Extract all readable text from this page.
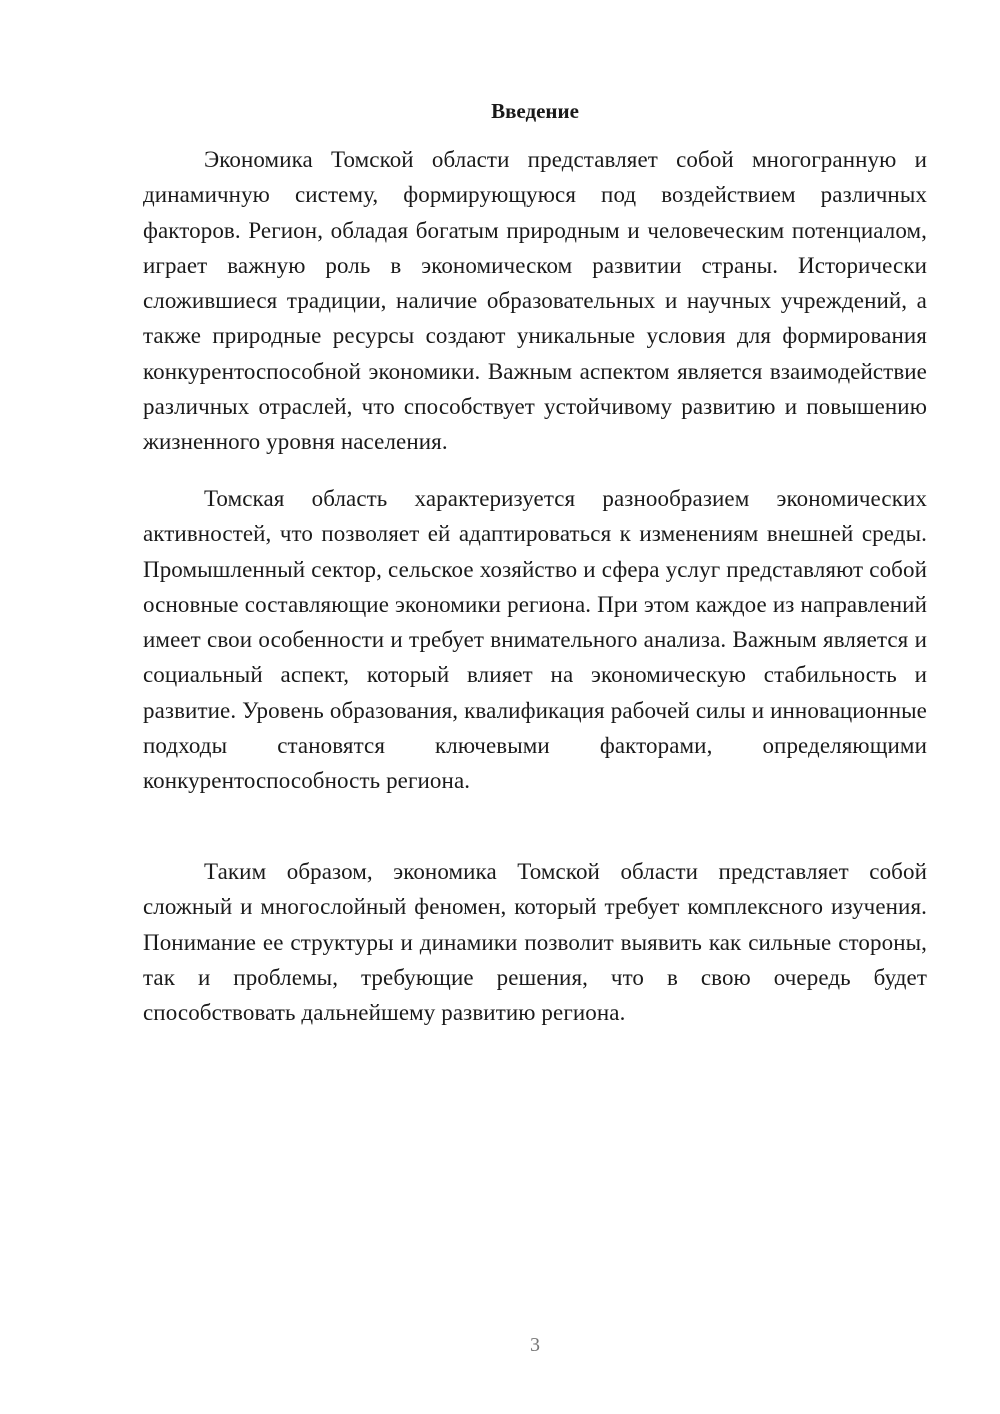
Введение

Экономика Томской области представляет собой многогранную и динамичную систему, формирующуюся под воздействием различных факторов. Регион, обладая богатым природным и человеческим потенциалом, играет важную роль в экономическом развитии страны. Исторически сложившиеся традиции, наличие образовательных и научных учреждений, а также природные ресурсы создают уникальные условия для формирования конкурентоспособной экономики. Важным аспектом является взаимодействие различных отраслей, что способствует устойчивому развитию и повышению жизненного уровня населения.

Томская область характеризуется разнообразием экономических активностей, что позволяет ей адаптироваться к изменениям внешней среды. Промышленный сектор, сельское хозяйство и сфера услуг представляют собой основные составляющие экономики региона. При этом каждое из направлений имеет свои особенности и требует внимательного анализа. Важным является и социальный аспект, который влияет на экономическую стабильность и развитие. Уровень образования, квалификация рабочей силы и инновационные подходы становятся ключевыми факторами, определяющими конкурентоспособность региона.

Таким образом, экономика Томской области представляет собой сложный и многослойный феномен, который требует комплексного изучения. Понимание ее структуры и динамики позволит выявить как сильные стороны, так и проблемы, требующие решения, что в свою очередь будет способствовать дальнейшему развитию региона.

3
